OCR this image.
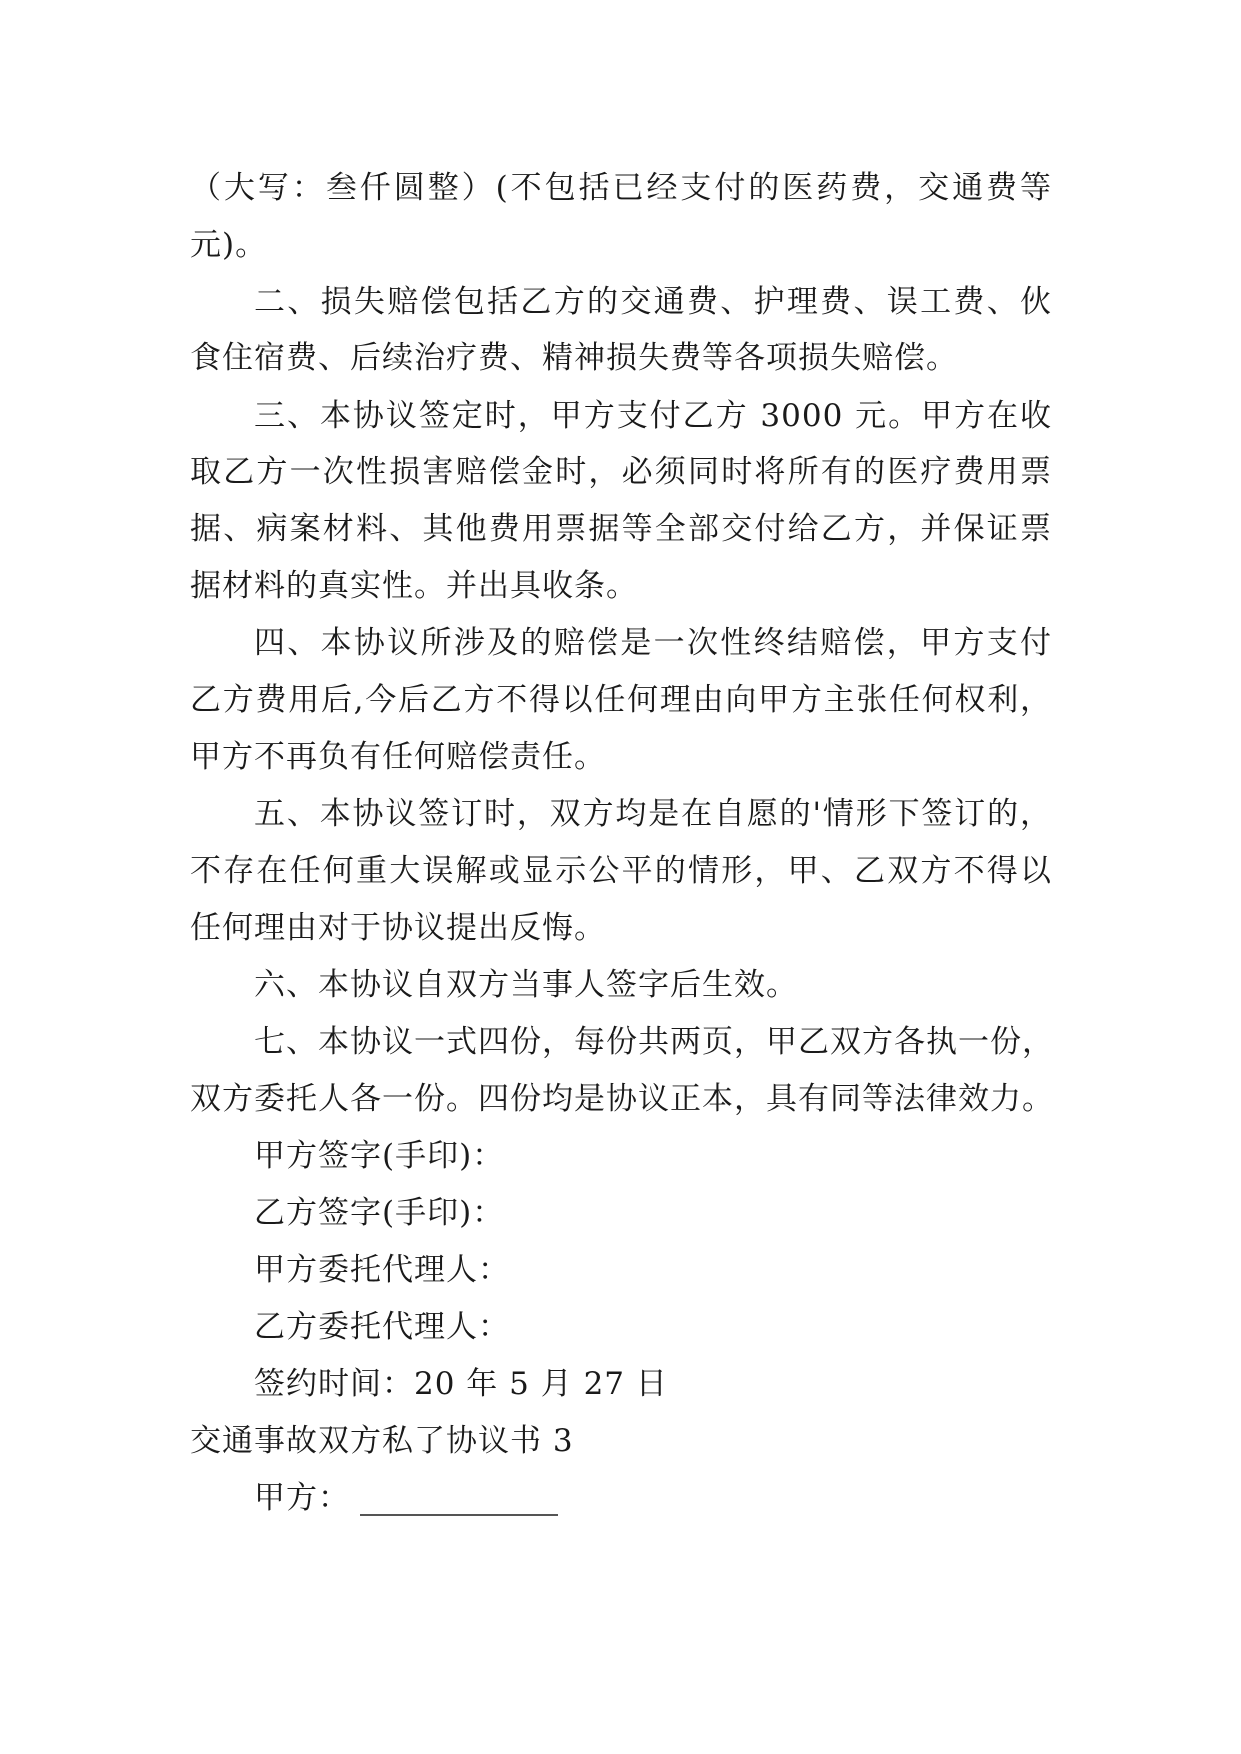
（大写：叁仟圆整）(不包括已经支付的医药费，交通费等
元)。
二、损失赔偿包括乙方的交通费、护理费、误工费、伙
食住宿费、后续治疗费、精神损失费等各项损失赔偿。
三、本协议签定时，甲方支付乙方 3000 元。甲方在收
取乙方一次性损害赔偿金时，必须同时将所有的医疗费用票
据、病案材料、其他费用票据等全部交付给乙方，并保证票
据材料的真实性。并出具收条。
四、本协议所涉及的赔偿是一次性终结赔偿，甲方支付
乙方费用后,今后乙方不得以任何理由向甲方主张任何权利，
甲方不再负有任何赔偿责任。
五、本协议签订时，双方均是在自愿的'情形下签订的，
不存在任何重大误解或显示公平的情形，甲、乙双方不得以
任何理由对于协议提出反悔。
六、本协议自双方当事人签字后生效。
七、本协议一式四份，每份共两页，甲乙双方各执一份，
双方委托人各一份。四份均是协议正本，具有同等法律效力。
甲方签字(手印)：
乙方签字(手印)：
甲方委托代理人：
乙方委托代理人：
签约时间：20 年 5 月 27 日
交通事故双方私了协议书 3
甲方：
